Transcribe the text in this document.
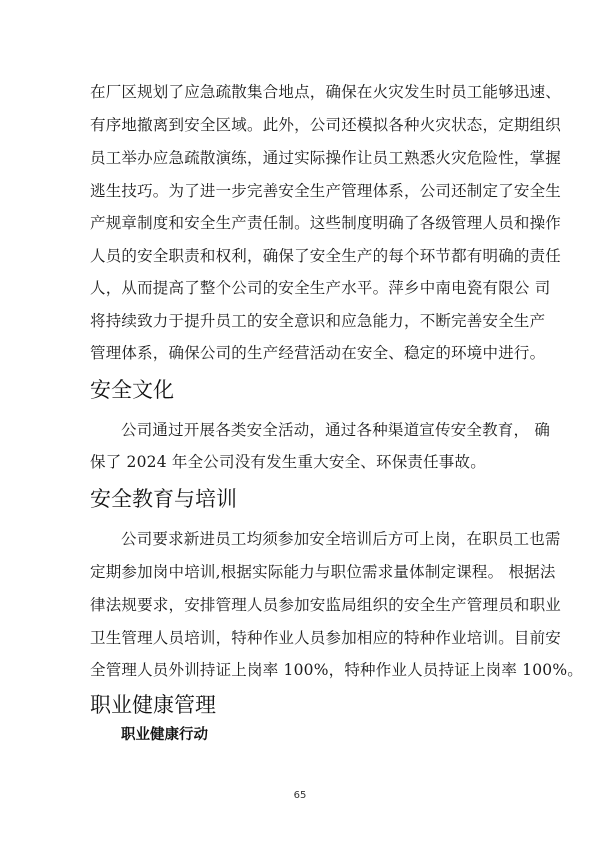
在厂区规划了应急疏散集合地点，确保在火灾发生时员工能够迅速、
有序地撤离到安全区域。此外，公司还模拟各种火灾状态，定期组织
员工举办应急疏散演练，通过实际操作让员工熟悉火灾危险性，掌握
逃生技巧。为了进一步完善安全生产管理体系，公司还制定了安全生
产规章制度和安全生产责任制。这些制度明确了各级管理人员和操作
人员的安全职责和权利，确保了安全生产的每个环节都有明确的责任
人，从而提高了整个公司的安全生产水平。萍乡中南电瓷有限公 司
将持续致力于提升员工的安全意识和应急能力，不断完善安全生产
管理体系，确保公司的生产经营活动在安全、稳定的环境中进行。
安全文化
公司通过开展各类安全活动，通过各种渠道宣传安全教育， 确
保了 2024 年全公司没有发生重大安全、环保责任事故。
安全教育与培训
公司要求新进员工均须参加安全培训后方可上岗，在职员工也需
定期参加岗中培训,根据实际能力与职位需求量体制定课程。 根据法
律法规要求，安排管理人员参加安监局组织的安全生产管理员和职业
卫生管理人员培训，特种作业人员参加相应的特种作业培训。目前安
全管理人员外训持证上岗率 100%，特种作业人员持证上岗率 100%。
职业健康管理
职业健康行动
65
